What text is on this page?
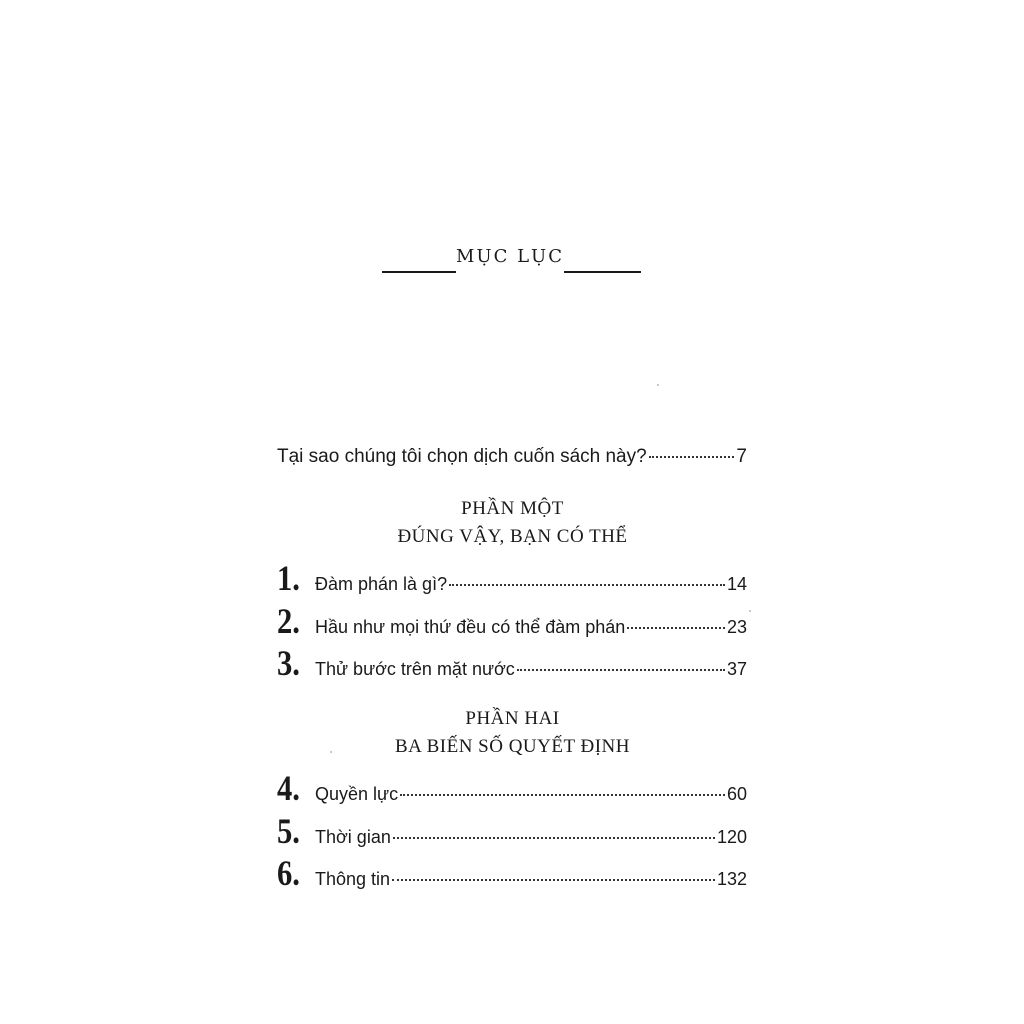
MỤC LỤC
Tại sao chúng tôi chọn dịch cuốn sách này?	7
PHẦN MỘT
ĐÚNG VẬY, BẠN CÓ THỂ
1. Đàm phán là gì?	14
2. Hầu như mọi thứ đều có thể đàm phán	23
3. Thử bước trên mặt nước	37
PHẦN HAI
BA BIẾN SỐ QUYẾT ĐỊNH
4. Quyền lực	60
5. Thời gian	120
6. Thông tin	132
